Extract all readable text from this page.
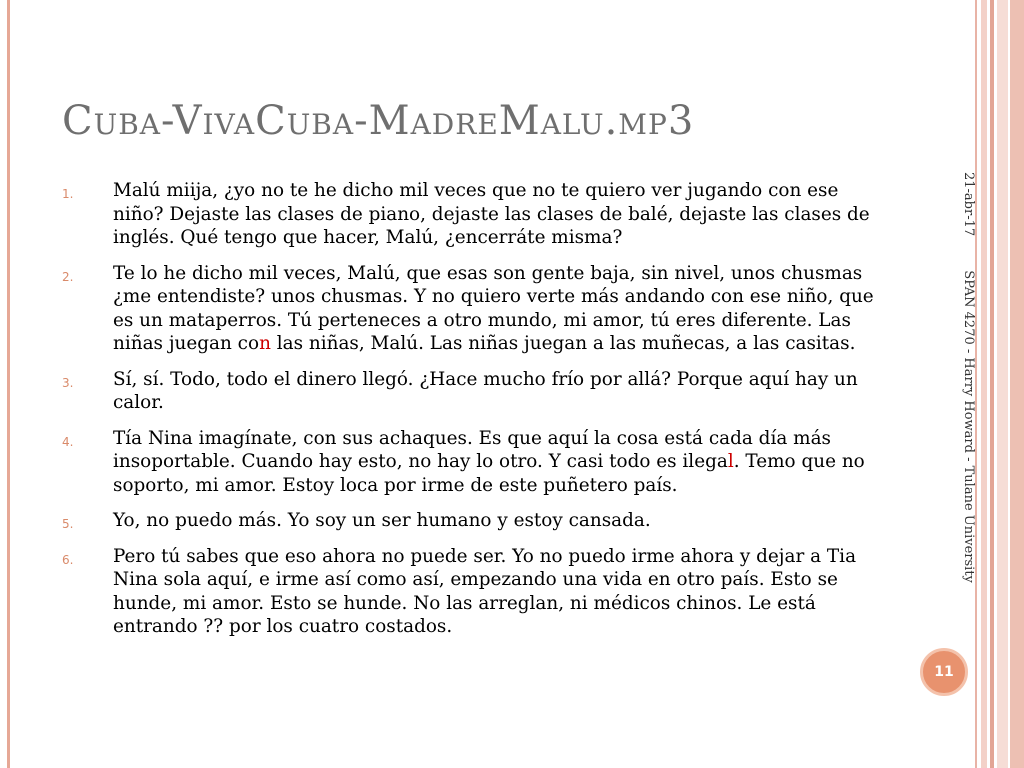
Cuba-VivaCuba-MadreMalu.mp3
1. Malú miija, ¿yo no te he dicho mil veces que no te quiero ver jugando con ese niño? Dejaste las clases de piano, dejaste las clases de balé, dejaste las clases de inglés. Qué tengo que hacer, Malú, ¿encerráte misma?
2. Te lo he dicho mil veces, Malú, que esas son gente baja, sin nivel, unos chusmas ¿me entendiste? unos chusmas. Y no quiero verte más andando con ese niño, que es un mataperros. Tú perteneces a otro mundo, mi amor, tú eres diferente. Las niñas juegan con las niñas, Malú. Las niñas juegan a las muñecas, a las casitas.
3. Sí, sí. Todo, todo el dinero llegó. ¿Hace mucho frío por allá? Porque aquí hay un calor.
4. Tía Nina imagínate, con sus achaques. Es que aquí la cosa está cada día más insoportable. Cuando hay esto, no hay lo otro. Y casi todo es ilegal. Temo que no soporto, mi amor. Estoy loca por irme de este puñetero país.
5. Yo, no puedo más. Yo soy un ser humano y estoy cansada.
6. Pero tú sabes que eso ahora no puede ser. Yo no puedo irme ahora y dejar a Tia Nina sola aquí, e irme así como así, empezando una vida en otro país. Esto se hunde, mi amor. Esto se hunde. No las arreglan, ni médicos chinos. Le está entrando ?? por los cuatro costados.
21-abr-17 SPAN 4270 - Harry Howard - Tulane University
11
